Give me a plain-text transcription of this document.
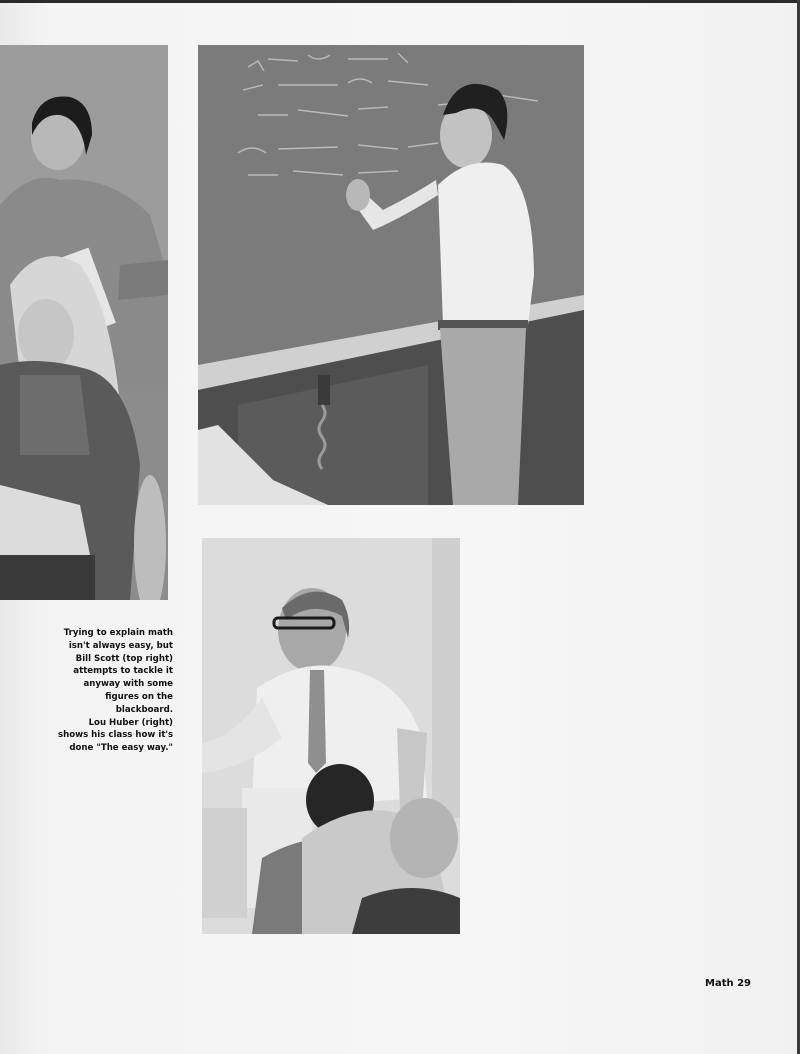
Trying to explain math
isn't always easy, but
Bill Scott (top right)
attempts to tackle it
anyway with some
figures on the
blackboard.
Lou Huber (right)
shows his class how it's
done "The easy way."
Math 29
